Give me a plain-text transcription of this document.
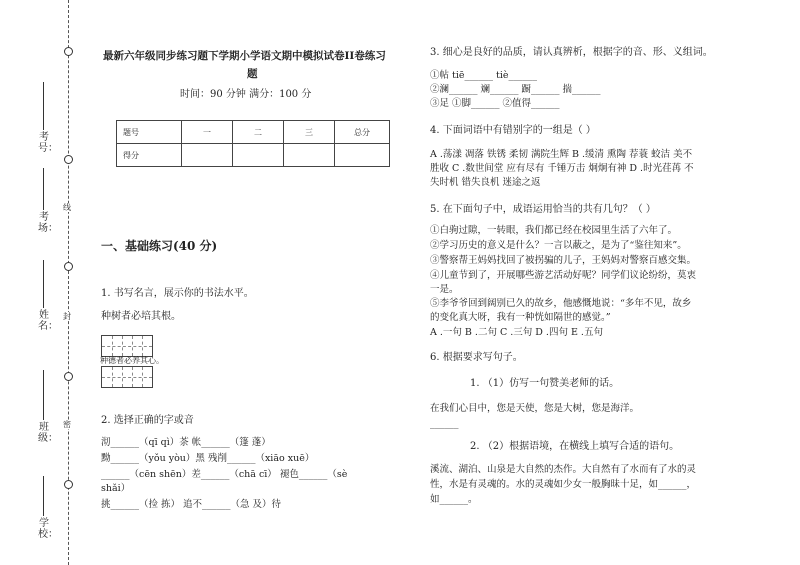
线
封
密
考号：
考场：
姓名：
班级：
学校：
最新六年级同步练习题下学期小学语文期中模拟试卷II卷练习
题
时间：90 分钟 满分：100 分
题号	一	二	三	总分
得分				
一、基础练习(40 分)
1. 书写名言，展示你的书法水平。
种树者必培其根。
种德者必养其心。
2. 选择正确的字或音
沏______（qī qì）茶 帐______（篷 蓬）
黝______（yǒu yòu）黑 残削______（xiāo xuē）
______（cēn shēn）差______（chā cī） 褪色______（sè
shǎi）
挑______（捡 拣） 追不______（急 及）待
3. 细心是良好的品质，请认真辨析，根据字的音、形、义组词。
①帖 tiē______ tiè______
②澜______ 斓______ 蹰______ 揣______
③足 ①脚______ ②值得______
4. 下面词语中有错别字的一组是（ ）
A .荡漾 凋落 铁锈 柔韧 满院生辉 B .缓清 熏陶 荐蓑 蛟洁 美不
胜收 C .数世间堂 应有尽有 千锤万击 炯炯有神 D .时光荏苒 不
失时机 错失良机 迷途之返
5. 在下面句子中，成语运用恰当的共有几句？（ ）
①白驹过隙，一转眼，我们都已经在校园里生活了六年了。
②学习历史的意义是什么？一言以蔽之，是为了“鉴往知来”。
③警察帮王妈妈找回了被拐骗的儿子，王妈妈对警察百感交集。
④儿童节到了，开展哪些游艺活动好呢？同学们议论纷纷，莫衷
一是。
⑤李爷爷回到阔别已久的故乡，他感慨地说：“多年不见，故乡
的变化真大呀，我有一种恍如隔世的感觉。”
A .一句 B .二句 C .三句 D .四句 E .五句
6. 根据要求写句子。
1. （1）仿写一句赞美老师的话。
在我们心目中，您是天使，您是大树，您是海洋。
______
2. （2）根据语境，在横线上填写合适的语句。
溪流、湖泊、山泉是大自然的杰作。大自然有了水而有了水的灵
性，水是有灵魂的。水的灵魂如少女一般胸昧十足，如______，
如______。
